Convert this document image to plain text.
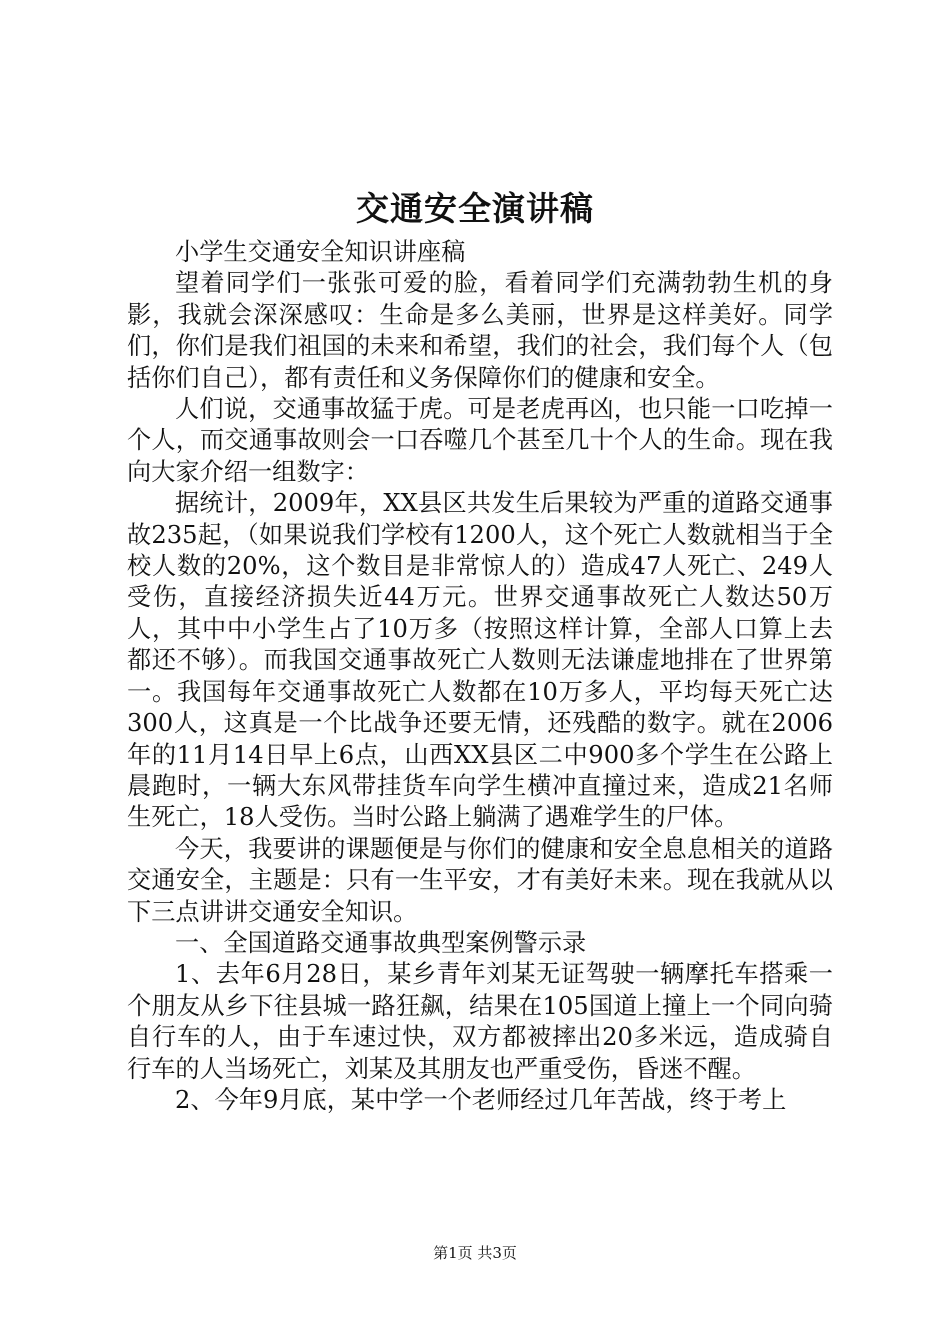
交通安全演讲稿

小学生交通安全知识讲座稿

望着同学们一张张可爱的脸，看着同学们充满勃勃生机的身影，我就会深深感叹：生命是多么美丽，世界是这样美好。同学们，你们是我们祖国的未来和希望，我们的社会，我们每个人（包括你们自己），都有责任和义务保障你们的健康和安全。

人们说，交通事故猛于虎。可是老虎再凶，也只能一口吃掉一个人，而交通事故则会一口吞噬几个甚至几十个人的生命。现在我向大家介绍一组数字：

据统计，2009年，XX县区共发生后果较为严重的道路交通事故235起，（如果说我们学校有1200人，这个死亡人数就相当于全校人数的20%，这个数目是非常惊人的）造成47人死亡、249人受伤，直接经济损失近44万元。世界交通事故死亡人数达50万人，其中中小学生占了10万多（按照这样计算，全部人口算上去都还不够）。而我国交通事故死亡人数则无法谦虚地排在了世界第一。我国每年交通事故死亡人数都在10万多人，平均每天死亡达300人，这真是一个比战争还要无情，还残酷的数字。就在2006年的11月14日早上6点，山西XX县区二中900多个学生在公路上晨跑时，一辆大东风带挂货车向学生横冲直撞过来，造成21名师生死亡，18人受伤。当时公路上躺满了遇难学生的尸体。

今天，我要讲的课题便是与你们的健康和安全息息相关的道路交通安全，主题是：只有一生平安，才有美好未来。现在我就从以下三点讲讲交通安全知识。

一、全国道路交通事故典型案例警示录

1、去年6月28日，某乡青年刘某无证驾驶一辆摩托车搭乘一个朋友从乡下往县城一路狂飙，结果在105国道上撞上一个同向骑自行车的人，由于车速过快，双方都被摔出20多米远，造成骑自行车的人当场死亡，刘某及其朋友也严重受伤，昏迷不醒。

2、今年9月底，某中学一个老师经过几年苦战，终于考上

第1页 共3页
